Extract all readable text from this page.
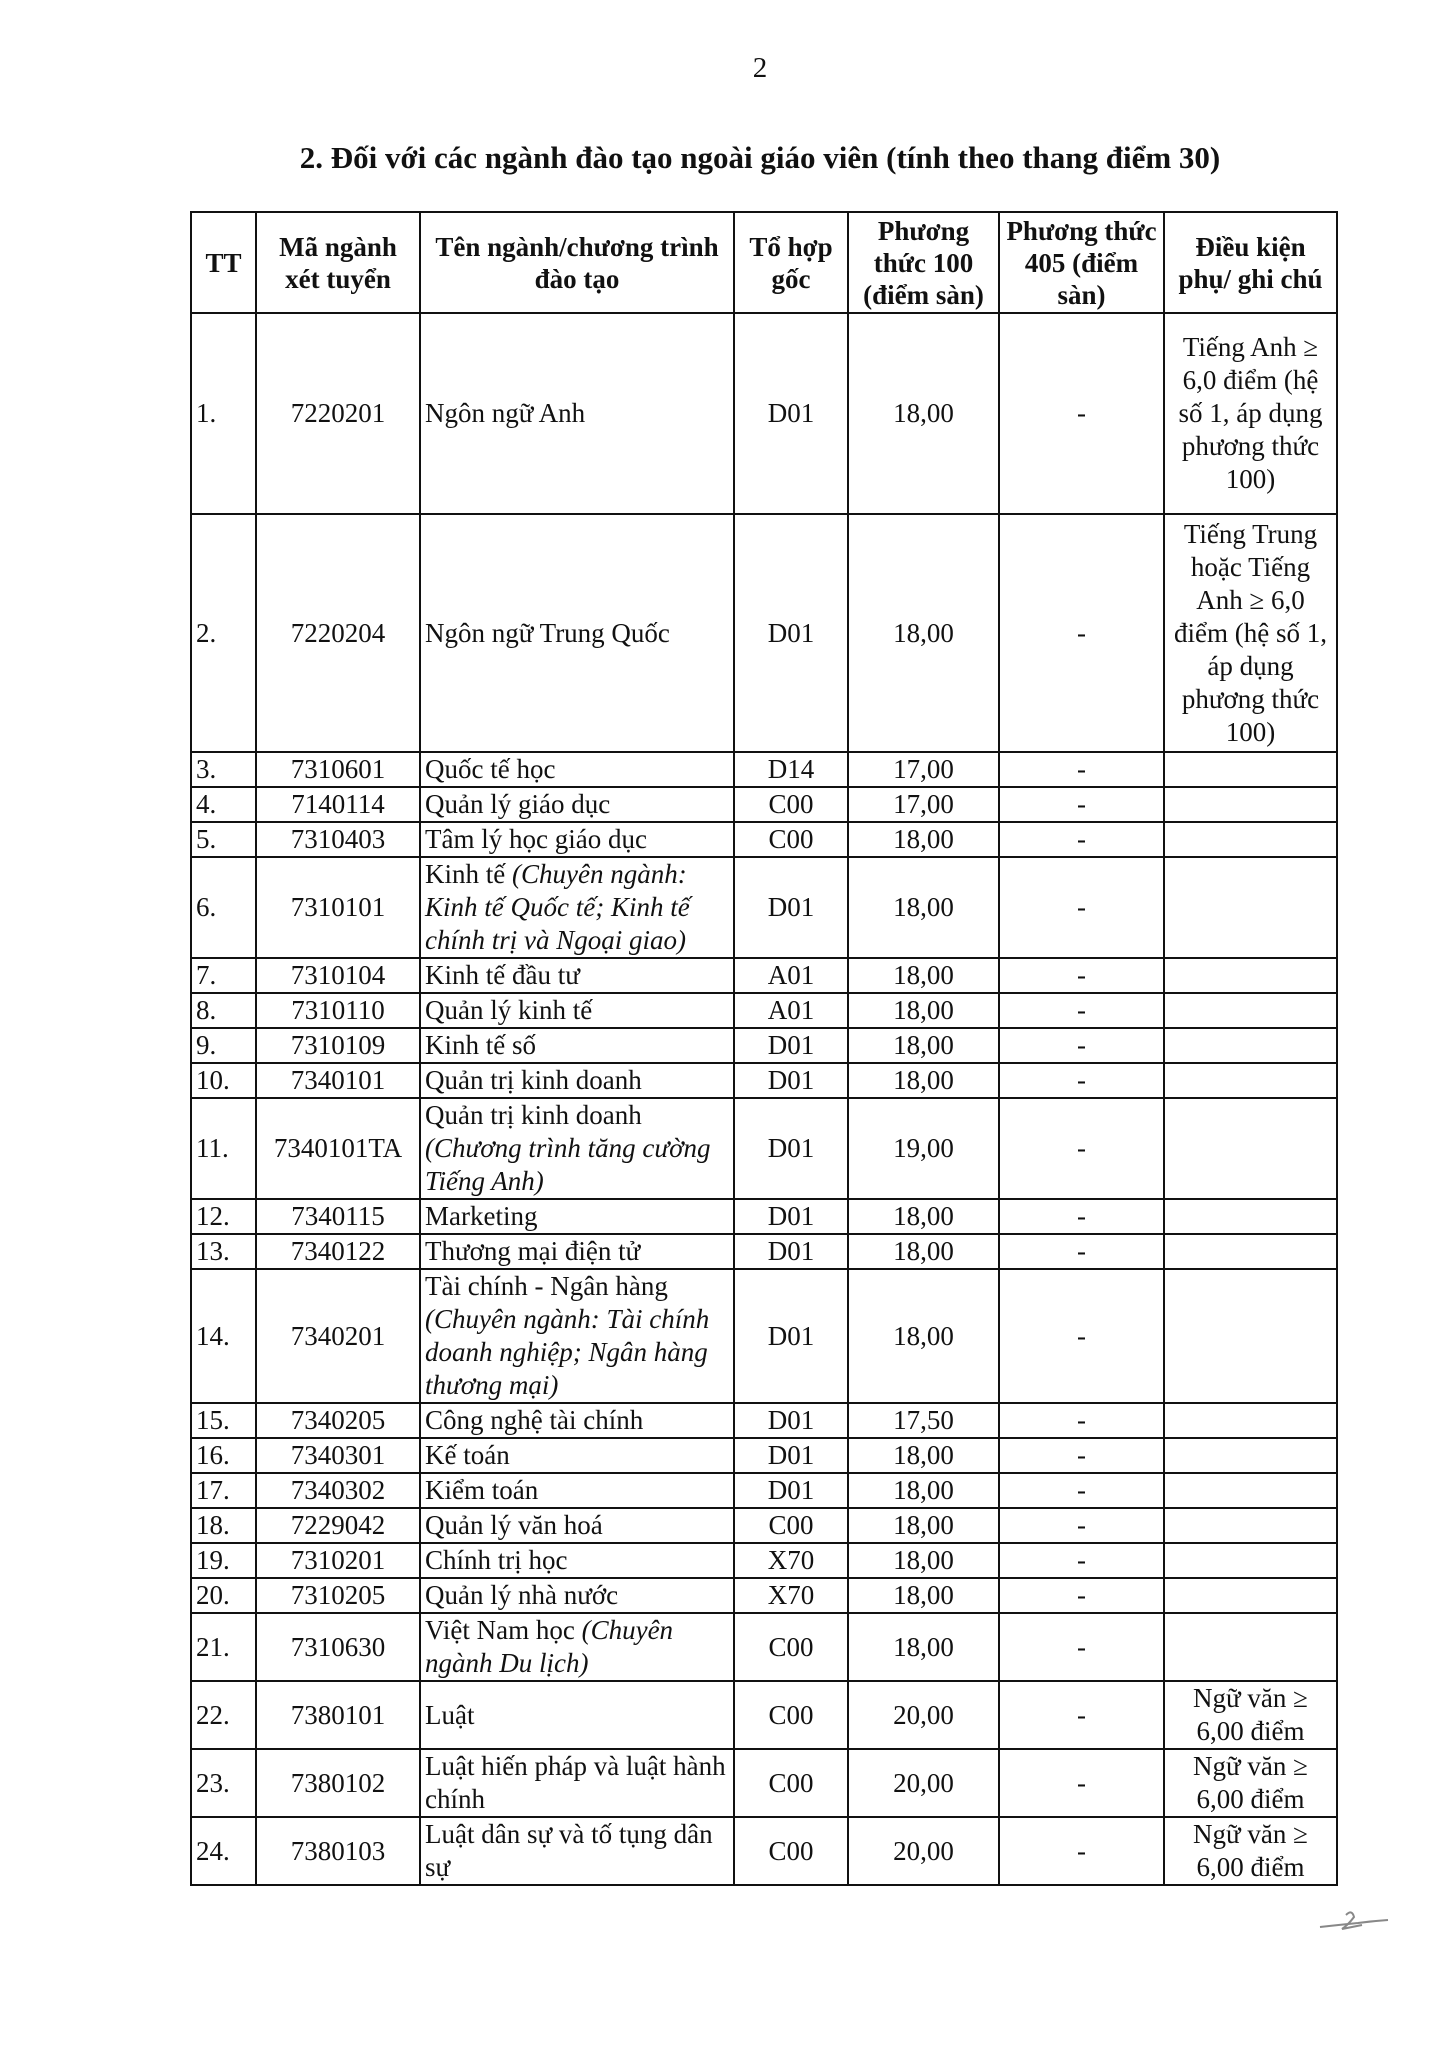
2
2. Đối với các ngành đào tạo ngoài giáo viên (tính theo thang điểm 30)
TT	Mã ngành xét tuyển	Tên ngành/chương trình đào tạo	Tổ hợp gốc	Phương thức 100 (điểm sàn)	Phương thức 405 (điểm sàn)	Điều kiện phụ/ ghi chú
1.	7220201	Ngôn ngữ Anh	D01	18,00	-	Tiếng Anh ≥ 6,0 điểm (hệ số 1, áp dụng phương thức 100)
2.	7220204	Ngôn ngữ Trung Quốc	D01	18,00	-	Tiếng Trung hoặc Tiếng Anh ≥ 6,0 điểm (hệ số 1, áp dụng phương thức 100)
3.	7310601	Quốc tế học	D14	17,00	-	
4.	7140114	Quản lý giáo dục	C00	17,00	-	
5.	7310403	Tâm lý học giáo dục	C00	18,00	-	
6.	7310101	Kinh tế (Chuyên ngành: Kinh tế Quốc tế; Kinh tế chính trị và Ngoại giao)	D01	18,00	-	
7.	7310104	Kinh tế đầu tư	A01	18,00	-	
8.	7310110	Quản lý kinh tế	A01	18,00	-	
9.	7310109	Kinh tế số	D01	18,00	-	
10.	7340101	Quản trị kinh doanh	D01	18,00	-	
11.	7340101TA	Quản trị kinh doanh (Chương trình tăng cường Tiếng Anh)	D01	19,00	-	
12.	7340115	Marketing	D01	18,00	-	
13.	7340122	Thương mại điện tử	D01	18,00	-	
14.	7340201	Tài chính - Ngân hàng (Chuyên ngành: Tài chính doanh nghiệp; Ngân hàng thương mại)	D01	18,00	-	
15.	7340205	Công nghệ tài chính	D01	17,50	-	
16.	7340301	Kế toán	D01	18,00	-	
17.	7340302	Kiểm toán	D01	18,00	-	
18.	7229042	Quản lý văn hoá	C00	18,00	-	
19.	7310201	Chính trị học	X70	18,00	-	
20.	7310205	Quản lý nhà nước	X70	18,00	-	
21.	7310630	Việt Nam học (Chuyên ngành Du lịch)	C00	18,00	-	
22.	7380101	Luật	C00	20,00	-	Ngữ văn ≥ 6,00 điểm
23.	7380102	Luật hiến pháp và luật hành chính	C00	20,00	-	Ngữ văn ≥ 6,00 điểm
24.	7380103	Luật dân sự và tố tụng dân sự	C00	20,00	-	Ngữ văn ≥ 6,00 điểm
